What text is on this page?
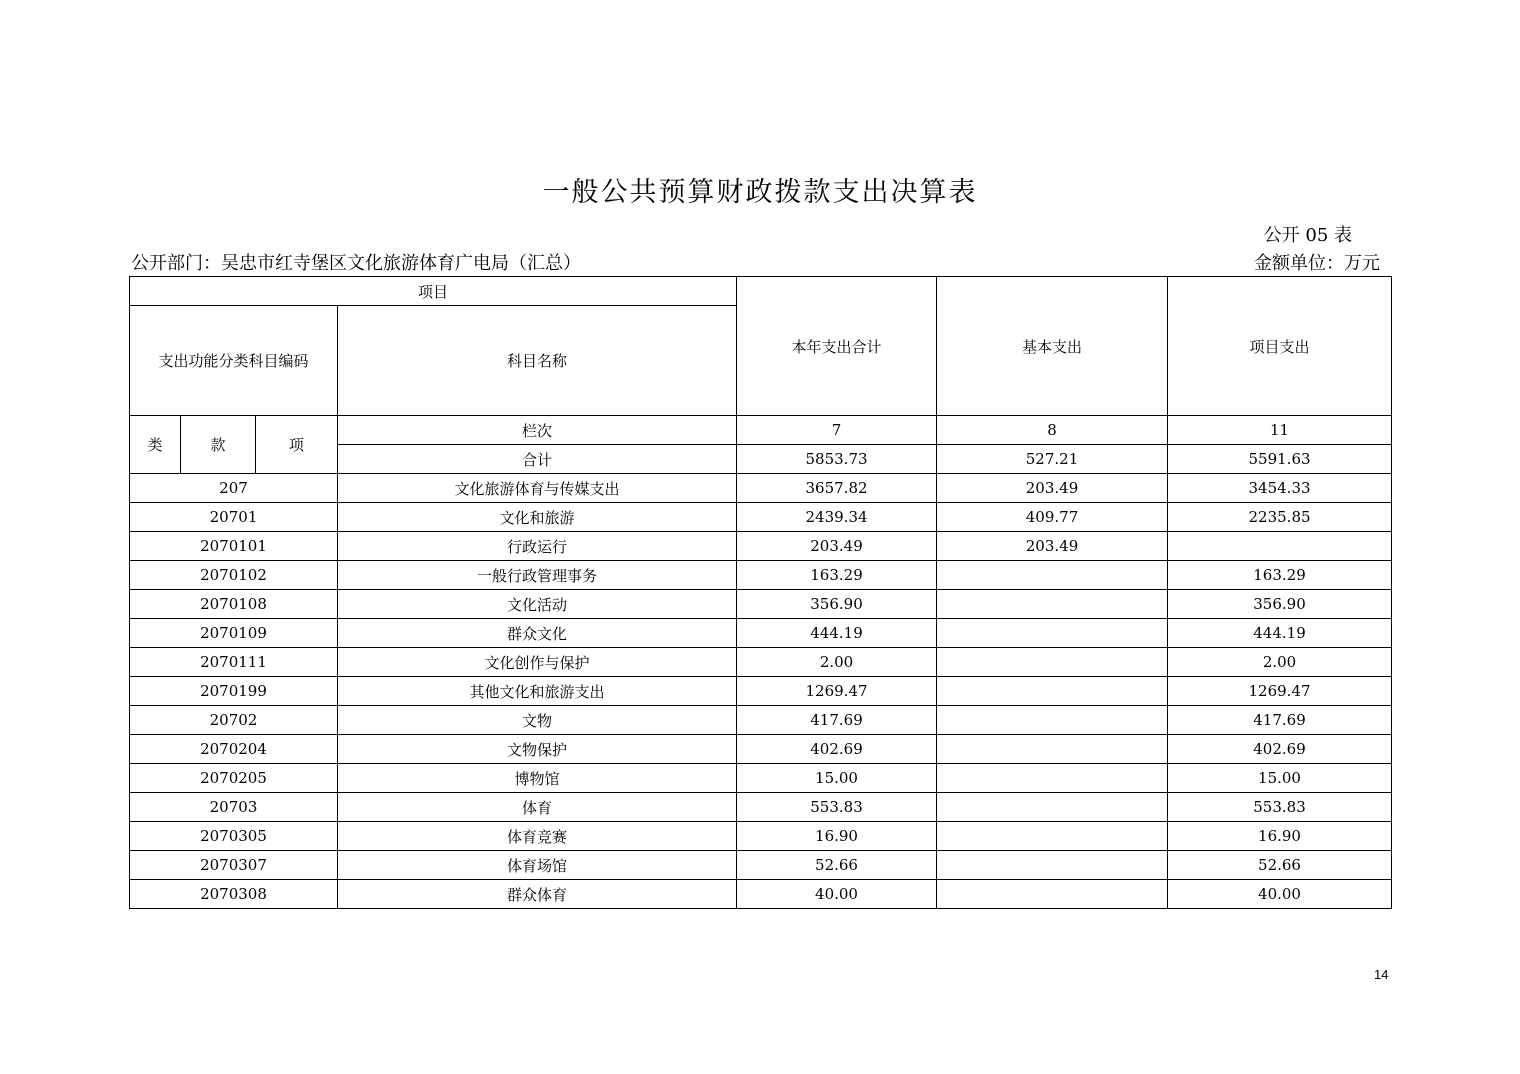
一般公共预算财政拨款支出决算表
公开 05 表
公开部门：吴忠市红寺堡区文化旅游体育广电局（汇总）	金额单位：万元
项目				本年支出合计	基本支出	项目支出
支出功能分类科目编码			科目名称			
类	款	项	栏次	7	8	11
			合计	5853.73	527.21	5591.63
207			文化旅游体育与传媒支出	3657.82	203.49	3454.33
20701			文化和旅游	2439.34	409.77	2235.85
2070101			行政运行	203.49	203.49	
2070102			一般行政管理事务	163.29		163.29
2070108			文化活动	356.90		356.90
2070109			群众文化	444.19		444.19
2070111			文化创作与保护	2.00		2.00
2070199			其他文化和旅游支出	1269.47		1269.47
20702			文物	417.69		417.69
2070204			文物保护	402.69		402.69
2070205			博物馆	15.00		15.00
20703			体育	553.83		553.83
2070305			体育竞赛	16.90		16.90
2070307			体育场馆	52.66		52.66
2070308			群众体育	40.00		40.00
14
